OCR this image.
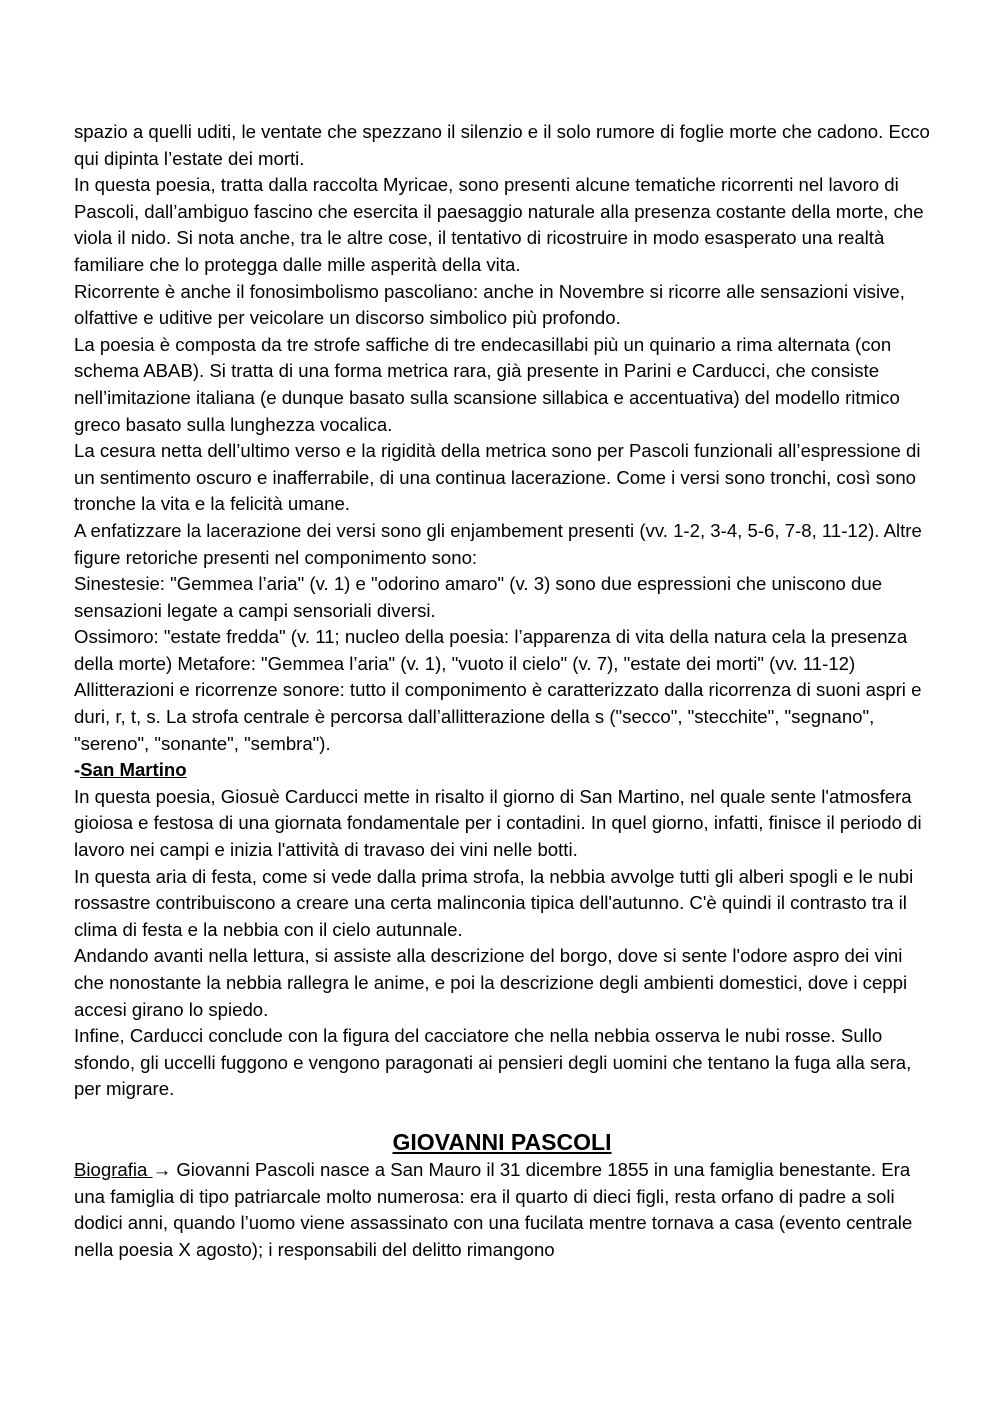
spazio a quelli uditi, le ventate che spezzano il silenzio e il solo rumore di foglie morte che cadono. Ecco qui dipinta l’estate dei morti.

In questa poesia, tratta dalla raccolta Myricae, sono presenti alcune tematiche ricorrenti nel lavoro di Pascoli, dall’ambiguo fascino che esercita il paesaggio naturale alla presenza costante della morte, che viola il nido. Si nota anche, tra le altre cose, il tentativo di ricostruire in modo esasperato una realtà familiare che lo protegga dalle mille asperità della vita.

Ricorrente è anche il fonosimbolismo pascoliano: anche in Novembre si ricorre alle sensazioni visive, olfattive e uditive per veicolare un discorso simbolico più profondo.

La poesia è composta da tre strofe saffiche di tre endecasillabi più un quinario a rima alternata (con schema ABAB). Si tratta di una forma metrica rara, già presente in Parini e Carducci, che consiste nell’imitazione italiana (e dunque basato sulla scansione sillabica e accentuativa) del modello ritmico greco basato sulla lunghezza vocalica.

La cesura netta dell’ultimo verso e la rigidità della metrica sono per Pascoli funzionali all’espressione di un sentimento oscuro e inafferrabile, di una continua lacerazione. Come i versi sono tronchi, così sono tronche la vita e la felicità umane.

A enfatizzare la lacerazione dei versi sono gli enjambement presenti (vv. 1-2, 3-4, 5-6, 7-8, 11-12). Altre figure retoriche presenti nel componimento sono:

Sinestesie: "Gemmea l’aria" (v. 1) e "odorino amaro" (v. 3) sono due espressioni che uniscono due sensazioni legate a campi sensoriali diversi.

Ossimoro: "estate fredda" (v. 11; nucleo della poesia: l’apparenza di vita della natura cela la presenza della morte) Metafore: "Gemmea l’aria" (v. 1), "vuoto il cielo" (v. 7), "estate dei morti" (vv. 11-12) Allitterazioni e ricorrenze sonore: tutto il componimento è caratterizzato dalla ricorrenza di suoni aspri e duri, r, t, s. La strofa centrale è percorsa dall’allitterazione della s ("secco", "stecchite", "segnano", "sereno", "sonante", "sembra").

-San Martino

In questa poesia, Giosuè Carducci mette in risalto il giorno di San Martino, nel quale sente l'atmosfera gioiosa e festosa di una giornata fondamentale per i contadini. In quel giorno, infatti, finisce il periodo di lavoro nei campi e inizia l'attività di travaso dei vini nelle botti.

In questa aria di festa, come si vede dalla prima strofa, la nebbia avvolge tutti gli alberi spogli e le nubi rossastre contribuiscono a creare una certa malinconia tipica dell'autunno. C'è quindi il contrasto tra il clima di festa e la nebbia con il cielo autunnale.

Andando avanti nella lettura, si assiste alla descrizione del borgo, dove si sente l'odore aspro dei vini che nonostante la nebbia rallegra le anime, e poi la descrizione degli ambienti domestici, dove i ceppi accesi girano lo spiedo.

Infine, Carducci conclude con la figura del cacciatore che nella nebbia osserva le nubi rosse. Sullo sfondo, gli uccelli fuggono e vengono paragonati ai pensieri degli uomini che tentano la fuga alla sera, per migrare.

GIOVANNI PASCOLI

Biografia → Giovanni Pascoli nasce a San Mauro il 31 dicembre 1855 in una famiglia benestante. Era una famiglia di tipo patriarcale molto numerosa: era il quarto di dieci figli, resta orfano di padre a soli dodici anni, quando l’uomo viene assassinato con una fucilata mentre tornava a casa (evento centrale nella poesia X agosto); i responsabili del delitto rimangono
